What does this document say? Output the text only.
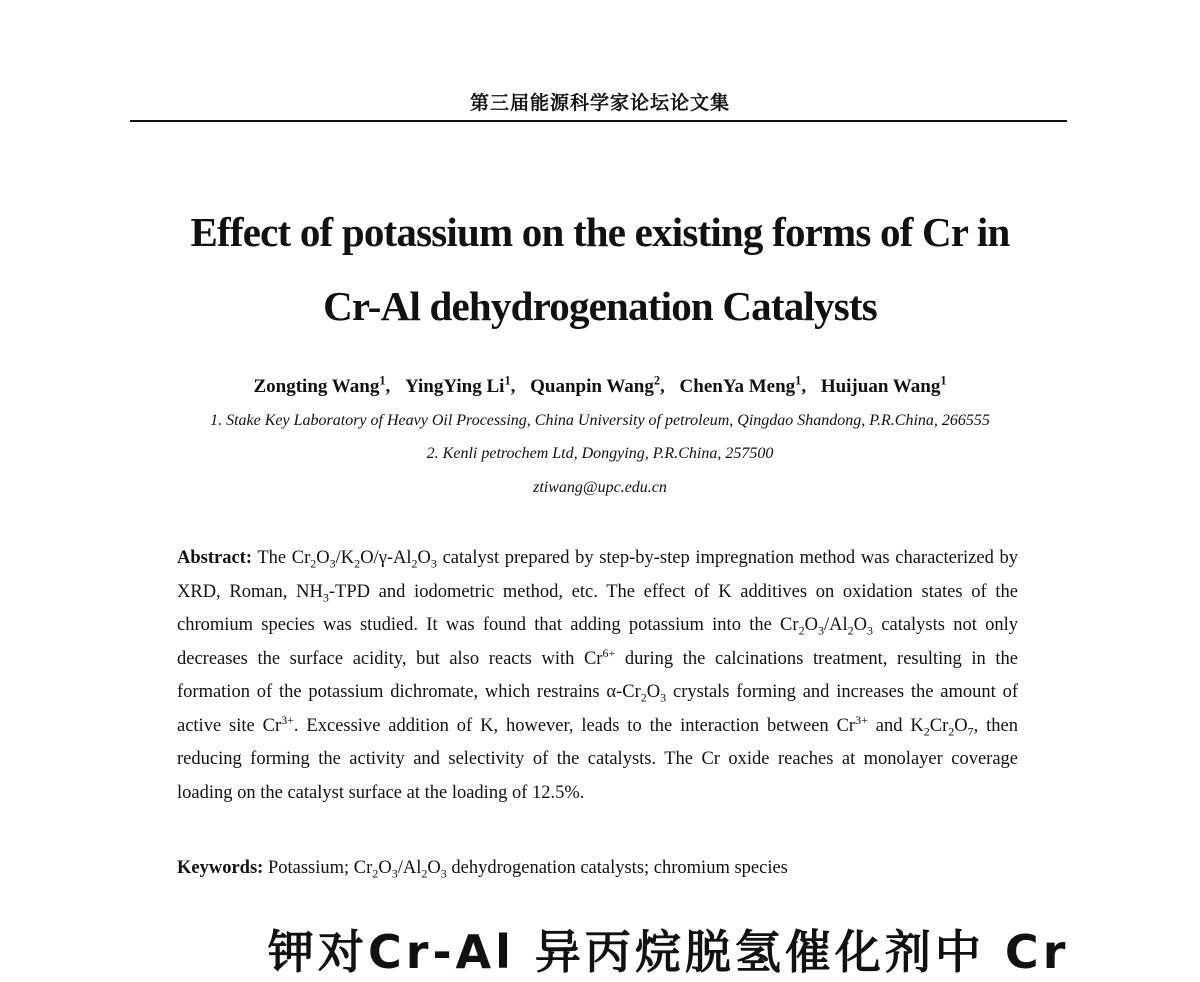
第三届能源科学家论坛论文集
Effect of potassium on the existing forms of Cr in
Cr-Al dehydrogenation Catalysts
Zongting Wang$^1$, YingYing Li$^1$, Quanpin Wang$^2$, ChenYa Meng$^1$, Huijuan Wang$^1$
1. Stake Key Laboratory of Heavy Oil Processing, China University of petroleum, Qingdao Shandong, P.R.China, 266555
2. Kenli petrochem Ltd, Dongying, P.R.China, 257500
ztiwang@upc.edu.cn
Abstract: The $Cr_2O_3/K_2O/\gamma-Al_2O_3$ catalyst prepared by step-by-step impregnation method was characterized by XRD, Roman, $NH_3$-TPD and iodometric method, etc. The effect of K additives on oxidation states of the chromium species was studied. It was found that adding potassium into the $Cr_2O_3/Al_2O_3$ catalysts not only decreases the surface acidity, but also reacts with $Cr^{6+}$ during the calcinations treatment, resulting in the formation of the potassium dichromate, which restrains $\alpha-Cr_2O_3$ crystals forming and increases the amount of active site $Cr^{3+}$. Excessive addition of K, however, leads to the interaction between $Cr^{3+}$ and $K_2Cr_2O_7$, then reducing forming the activity and selectivity of the catalysts. The Cr oxide reaches at monolayer coverage loading on the catalyst surface at the loading of 12.5%.
Keywords: Potassium; $Cr_2O_3/Al_2O_3$ dehydrogenation catalysts; chromium species
钾对Cr-Al 异丙烷脱氢催化剂中 Cr
